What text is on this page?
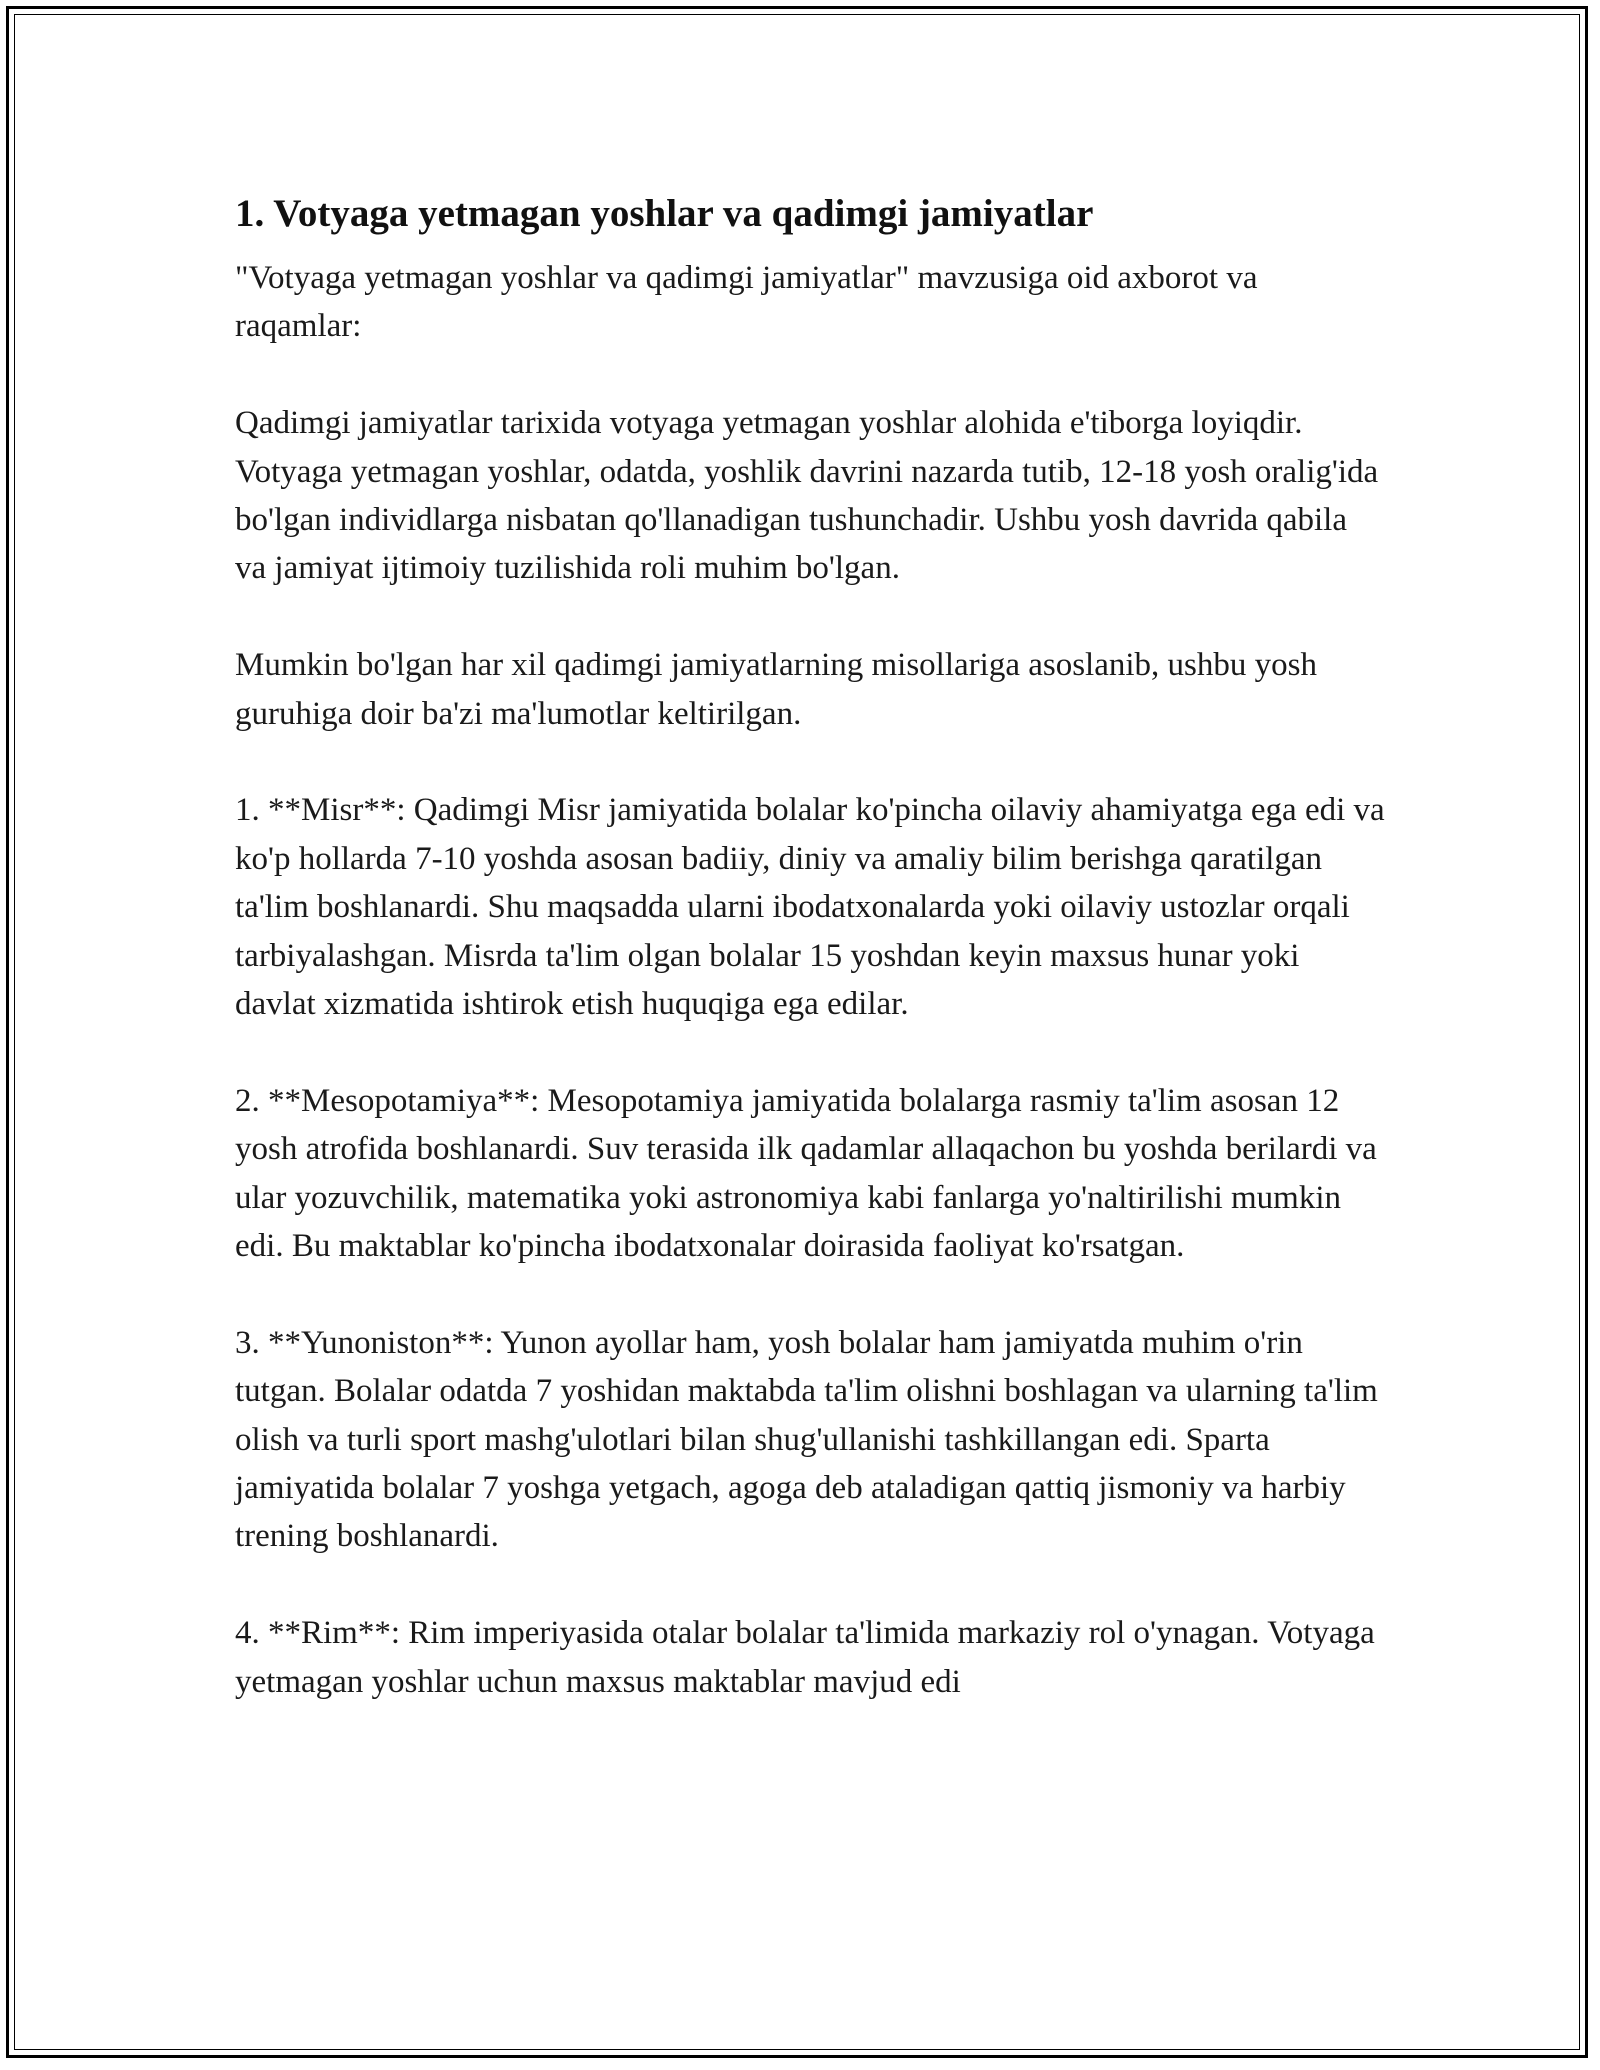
1. Votyaga yetmagan yoshlar va qadimgi jamiyatlar

"Votyaga yetmagan yoshlar va qadimgi jamiyatlar" mavzusiga oid axborot va raqamlar:

Qadimgi jamiyatlar tarixida votyaga yetmagan yoshlar alohida e'tiborga loyiqdir. Votyaga yetmagan yoshlar, odatda, yoshlik davrini nazarda tutib, 12-18 yosh oralig'ida bo'lgan individlarga nisbatan qo'llanadigan tushunchadir. Ushbu yosh davrida qabila va jamiyat ijtimoiy tuzilishida roli muhim bo'lgan.

Mumkin bo'lgan har xil qadimgi jamiyatlarning misollariga asoslanib, ushbu yosh guruhiga doir ba'zi ma'lumotlar keltirilgan.

1. **Misr**: Qadimgi Misr jamiyatida bolalar ko'pincha oilaviy ahamiyatga ega edi va ko'p hollarda 7-10 yoshda asosan badiiy, diniy va amaliy bilim berishga qaratilgan ta'lim boshlanardi. Shu maqsadda ularni ibodatxonalarda yoki oilaviy ustozlar orqali tarbiyalashgan. Misrda ta'lim olgan bolalar 15 yoshdan keyin maxsus hunar yoki davlat xizmatida ishtirok etish huquqiga ega edilar.

2. **Mesopotamiya**: Mesopotamiya jamiyatida bolalarga rasmiy ta'lim asosan 12 yosh atrofida boshlanardi. Suv terasida ilk qadamlar allaqachon bu yoshda berilardi va ular yozuvchilik, matematika yoki astronomiya kabi fanlarga yo'naltirilishi mumkin edi. Bu maktablar ko'pincha ibodatxonalar doirasida faoliyat ko'rsatgan.

3. **Yunoniston**: Yunon ayollar ham, yosh bolalar ham jamiyatda muhim o'rin tutgan. Bolalar odatda 7 yoshidan maktabda ta'lim olishni boshlagan va ularning ta'lim olish va turli sport mashg'ulotlari bilan shug'ullanishi tashkillangan edi. Sparta jamiyatida bolalar 7 yoshga yetgach, agoga deb ataladigan qattiq jismoniy va harbiy trening boshlanardi.

4. **Rim**: Rim imperiyasida otalar bolalar ta'limida markaziy rol o'ynagan. Votyaga yetmagan yoshlar uchun maxsus maktablar mavjud edi
